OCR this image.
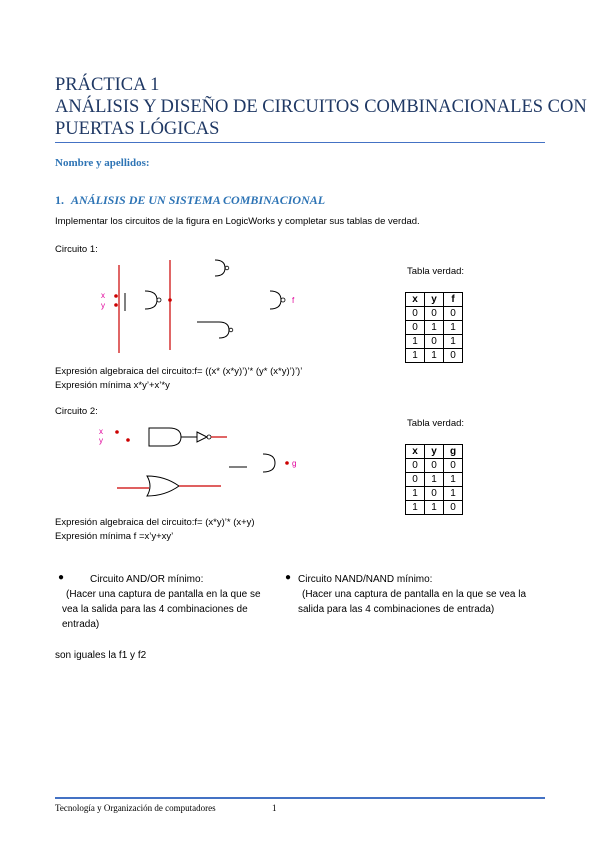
PRÁCTICA 1
ANÁLISIS Y DISEÑO DE CIRCUITOS COMBINACIONALES CON
PUERTAS LÓGICAS
Nombre y apellidos:
1. ANÁLISIS DE UN SISTEMA COMBINACIONAL
Implementar los circuitos de la figura en LogicWorks y completar sus tablas de verdad.
Circuito 1:
x
y
f
Tabla verdad:
x	y	f
0	0	0
0	1	1
1	0	1
1	1	0
Expresión algebraica del circuito:f= ((x* (x*y)’)’* (y* (x*y)’)’)’
Expresión mínima x*y’+x’*y
Circuito 2:
x
y
g
Tabla verdad:
x	y	g
0	0	0
0	1	1
1	0	1
1	1	0
Expresión algebraica del circuito:f= (x*y)’* (x+y)
Expresión mínima f =x’y+xy’
●	Circuito AND/OR mínimo:
(Hacer una captura de pantalla en la que se vea la salida para las 4 combinaciones de entrada)
● Circuito NAND/NAND mínimo:
(Hacer una captura de pantalla en la que se vea la salida para las 4 combinaciones de entrada)
son iguales la f1 y f2
Tecnología y Organización de computadores	1
